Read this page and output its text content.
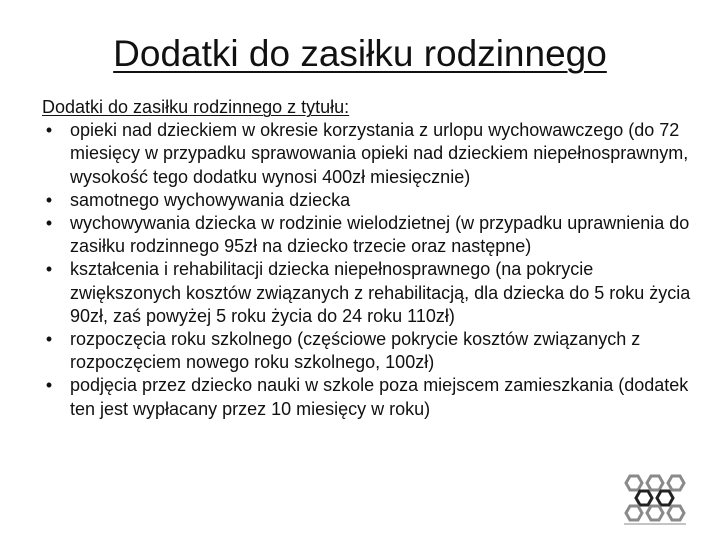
Dodatki do zasiłku rodzinnego

Dodatki do zasiłku rodzinnego z tytułu:

• opieki nad dzieckiem w okresie korzystania z urlopu wychowawczego (do 72 miesięcy w przypadku sprawowania opieki nad dzieckiem niepełnosprawnym, wysokość tego dodatku wynosi 400zł miesięcznie)
• samotnego wychowywania dziecka
• wychowywania dziecka w rodzinie wielodzietnej (w przypadku uprawnienia do zasiłku rodzinnego 95zł na dziecko trzecie oraz następne)
• kształcenia i rehabilitacji dziecka niepełnosprawnego (na pokrycie zwiększonych kosztów związanych z rehabilitacją, dla dziecka do 5 roku życia 90zł, zaś powyżej 5 roku życia do 24 roku 110zł)
• rozpoczęcia roku szkolnego (częściowe pokrycie kosztów związanych z rozpoczęciem nowego roku szkolnego, 100zł)
• podjęcia przez dziecko nauki w szkole poza miejscem zamieszkania (dodatek ten jest wypłacany przez 10 miesięcy w roku)
